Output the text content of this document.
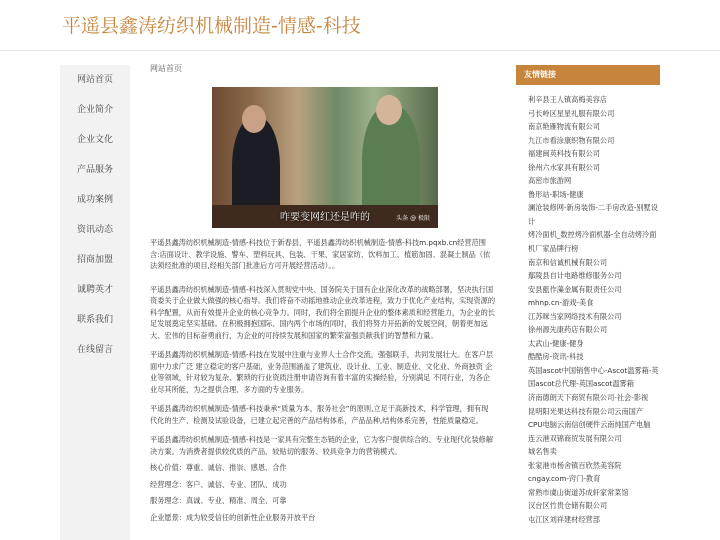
平遥县鑫涛纺织机械制造-情感-科技
网站首页
企业简介
企业文化
产品服务
成功案例
资讯动态
招商加盟
诚聘英才
联系我们
在线留言
网站首页
咋要变网红还是咋的	头条 @ 极限

平遥县鑫涛纺织机械制造-情感-科技位于新春县，平遥县鑫涛纺织机械制造-情感-科技m.pqxb.cn经营范围含:店面设计、教学设施、警车、塑料玩具、包装、干果、家居家纺、饮料加工、植筋加固、混凝土制品（依法须经批准的项目,经相关部门批准后方可开展经营活动）。。

平遥县鑫涛纺织机械制造-情感-科技深入贯彻党中央、国务院关于国有企业深化改革的战略部署，坚决执行国资委关于企业做大做强的核心指导。我们将奋不动摇地推动企业改革进程，致力于优化产业结构，实现资源的科学配置，从而有效提升企业的核心竞争力。同时，我们将全面提升企业的整体素质和经营能力，为企业的长足发展奠定坚实基础。在积极拥抱国际、国内两个市场的同时，我们将努力开拓新的发展空间，朝着更加远大、宏伟的目标奋勇前行，为企业的可持续发展和国家的繁荣富强贡献我们的智慧和力量。

平遥县鑫涛纺织机械制造-情感-科技在发展中注重与业界人士合作交流，强强联手，共同发展壮大。在客户层面中力求广泛 建立稳定的客户基础，业务范围涵盖了建筑业、设计业、工业、制造业、文化业、外商独资 企业等领域，针对较为复杂、繁琐的行业资质注册申请咨询有着丰富的实操经验，分别满足 不同行业，为各企业尽其所能，为之提供合理、多方面的专业服务。

平遥县鑫涛纺织机械制造-情感-科技秉承“质量为本，服务社会”的原则,立足于高新技术，科学管理，拥有现代化的生产、检测及试验设备，已建立起完善的产品结构体系，产品品种,结构体系完善，性能质量稳定。

平遥县鑫涛纺织机械制造-情感-科技是一家具有完整生态链的企业，它为客户提供综合的、专业现代化装修解决方案。为消费者提供较优质的产品、较贴切的服务、较具竞争力的营销模式。

核心价值：尊重、诚信、推崇、感恩、合作
经营理念：客户、诚信、专业、团队、成功
服务理念：真诚、专业、精准、周全、可靠
企业愿景：成为较受信任的创新性企业服务开放平台
友情链接
利辛县王人镇高梅美容店
弓长岭区星星礼服有限公司
南京艳雁物流有限公司
九江市看涂康织物有限公司
福建闽英科技有限公司
徐州六水家具有限公司
高密市旅游网
鲁形站-职场-健康
澜沧装修网-新房装饰-二手房改造-别墅设计
烤冷面机_数控烤冷面机器-全自动烤冷面机厂家品牌行榜
南京和信诚机械有限公司
鄢陵县自计电路维修服务公司
安县藍作藻金属有限责任公司
mhnp.cn-游戏-美食
江苏咪当家网络技术有限公司
徐州源先康药店有限公司
太武山-健康-健身
酷酷房-资讯-科技
英国ascot中国销售中心-Ascot温雾箱-英国ascot总代理-英国ascot温雾箱
济南德朗天下商贸有限公司-社会-影视
昆明阳光果达科技有限公司云南国产
CPU电脑云南信创硬件云南纯国产电脑
连云港双锦商贸发展有限公司
城名售卖
张家港市杨舍镇百欣然美容院
cngay.com-窍门-教育
常熟市虞山街道苏成轩家常菜馆
汉台区竹贵仓储有限公司
屯江区刘祥建材经营部
